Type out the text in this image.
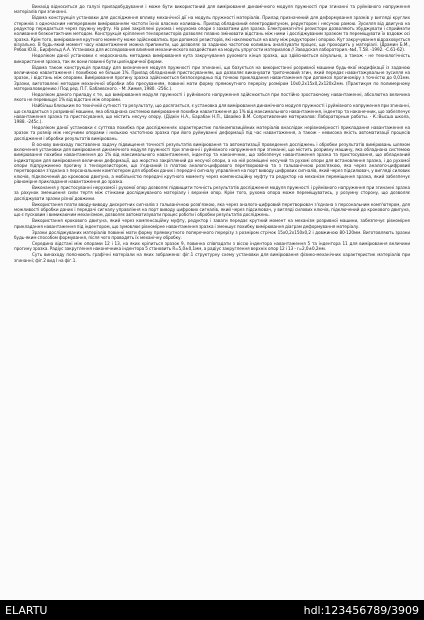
Винахід відноситься до галузі приладобудування і може бути використаний для вимірювання динамічного модуля пружності при згинанні та руйнівного напруження матеріалів при згинанні.

Відома конструкція установки для дослідження впливу механічної дії на модуль пружності матеріалів. Прилад призначений для деформування зразків у вигляді круглих стержнів з одночасним неперервним вимірюванням частоти їхніх власних коливань. Прилад обладнаний електродвигуном, редуктором і несучою рамою. Зусилля від двигуна на редуктор передається через пружну муфту. На рамі закріплені рухома і нерухома опори з захватами для зразка. Електромагнітні резистори дозволяють збуджувати і сприймати коливання безконтактним методом. Конструкція кріплення тензорезисторів дозволяє плавно змінювати відстань між ними і досліджуваним зразком та переміщувати їх вздовж осі зразка. Крім того, вимірювання крутного моменту може здійснюватись при допомозі резисторів, які наклеюються на валу між редуктором і опорою. Кут закручування відраховується візуально. В будь-який момент часу навантаження можна припинити, що дозволяє за заданою частотою коливань аналізувати процес, що проходить у матеріалі. (Драмин Б.М., Рябов Ю.В., Бирфельд А.А. Установка для исследования влияния механического воздействия на модуль упругости материалов // Заводская лаборатория.-№4, Т.58. -1992. -С.61-62).

Недоліком даної установки є недоскональ методика вимірювання кута закручування рухомого кінця зразка, що здійснюється візуально, а також - не технологічність використання зразка, так як вони повинні бути циліндричної форми.

Відома також конструкція приладу для визначення модуля пружності при згинанні, що базується на використанні розривної машини будь-якої модифікації із заданою величиною навантаження і похибкою не більше 1%. Прилад обладнаний пристосуванням, що дозволяє виконувати триточковий згин, який передає навантажувальне зусилля на зразок, і відстань між опорами. Вимірювання прогину зразка здійснюється безпосередньо під точкою прикладання навантаження при допомозі прогиноміру з точністю до 0,01мм. Зразки, виготовлені методом механічної обробки або пресуванням, повинні мати форму прямокутного перерізу розміром 10х0,2х15х0,2х120х2мм. (Практикум по полимерному материаловедению / Под ред. П.Г. Бабаевского. - М:.Химия, 1980. -256с.).

Недоліком даного приладу є те, що вимірювання модуля пружності і руйнівного напруження здійснюється при постійно зростаючому навантаженні, абсолютна величина якого не перевищує 1% від відстані між опорами.

Найбільш близьким по технічній сутності та результату, що досягається, є установка для вимірювання динамічного модуля пружності і руйнівного напруження при згинанні, що складається з розривної машини, яка обладнана системою вимірювання похибки навантаження до 1% від максимального навантаження, індентор та наконечник, що забезпечує навантаження зразка та пристосування, що містить несучу опору. (Дідкін Н.А., Барабан Н.П., Швайко В.М. Сопротивление материалов: Лабораторные работы. - К.:Высша школа, 1988. -245с.).

Недоліком даної установки є суттєва похибка при дослідженнях характеристик полікомпозиційних матеріалів внаслідок нерівномірності прикладання навантаження на зразок та розмір між несучими опорами і низькою частотною зразка при його руйнуванні деформації під час навантаження, а також - невисока якість автоматизації процесів дослідження і обробки результатів вимірювань.

В основу винаходу поставлено задачу підвищення точності результатів вимірювання та автоматизації проведення досліджень і обробки результатів вимірювань шляхом включення установки для вимірювання динамічного модуля пружності при згинанні і руйнівного напруження при згинанні, що містить розривну машину, яка обладнана системою вимірювання похибки навантаження до 1% від максимального навантаження, індентор та наконечник, що забезпечує навантаження зразка та пристосування, що обладнаний індикатором для вимірювання величини деформації, що жорстко закріплений до несучої опори, а на ній розміщені несучий та рухомі опори для встановлення зразка, і до рухомої опори підпружинено прогину з тензорезистором, що з'єднаний із платою аналого-цифрового перетворювача та з гальванічною розв'язкою, яка через аналого-цифровий перетворювач з'єднана з персональним комп'ютером для обробки даних і передачі сигналу управління на порт виводу цифрових сигналів, який через підсилювач, у вигляді силових ключів, підключений до кроковою двигуна, а мобільністю передачі крутного моменту через компенсаційну муфту та редуктор на механізм переміщення зразка, який забезпечує рівномірне прикладання навантаження до зразка.

Виконання у пристосуванні нерухомої і рухомої опор дозволяє підвищити точність результатів дослідження модуля пружності і руйнівного напруження при згинанні зразка за рахунок зменшення сили тертя між стінками досліджуваного матеріалу і верхнім опор. Крім того, рухома опора може переміщуватись, у розумну сторону, що дозволяє досліджувати зразки різної довжини.

Використання плати вводу-виводу дискретних сигналів з гальванічною розв'язкою, яка через аналого-цифровий перетворювач з'єднана з персональним комп'ютером, для можливості обробки даних і передачі сигналу управління на порт виводу цифрових сигналів, який через підсилювач, у вигляді силових ключів, підключений до крокового двигуна, що є пусковим і вимикаючим механізмом, дозволяє автоматизувати процес роботи і обробки результатів досліджень.

Використання крокового двигуна, який через компенсаційну муфту, редуктор і заваги передає крутний момент на механізм розривної машини, забезпечує рівномірне прикладання навантаження під індентором, що зумовлює рівномірне навантаження зразка і зменшує похибку вимірювання діаграм деформування матеріалу.

Зразки досліджуваних матеріалів повинні мати форму прямокутного поперечного перерізу з розміром стрічок 15х0,2х150х0,2 і довжиною 80-120мм. Виготовляють зразки будь-яким способом формування, після чого проводять їх механічну обробку.

Середина відстані між опорами 12 і 13, на яких кріпиться зразок 9, повинна співпадати з віссю індентора навантаження 5 та індентора 11 для вимірювання величини прогину зразка. Радіус закруглення наконечника індентора 5 становить R=5,0±0,1мм, а радіус закруглення верхніх опор 12 і 13 - r=2,0±0,2мм.

Суть винаходу пояснюють графічні матеріали на яких зображено: фіг.1 структурну схему установки для вимірювання фізико-механічних характеристик матеріалів при згинанні; фіг.2 вид I на фіг.1.

ELARTU	hdl:123456789/3909
